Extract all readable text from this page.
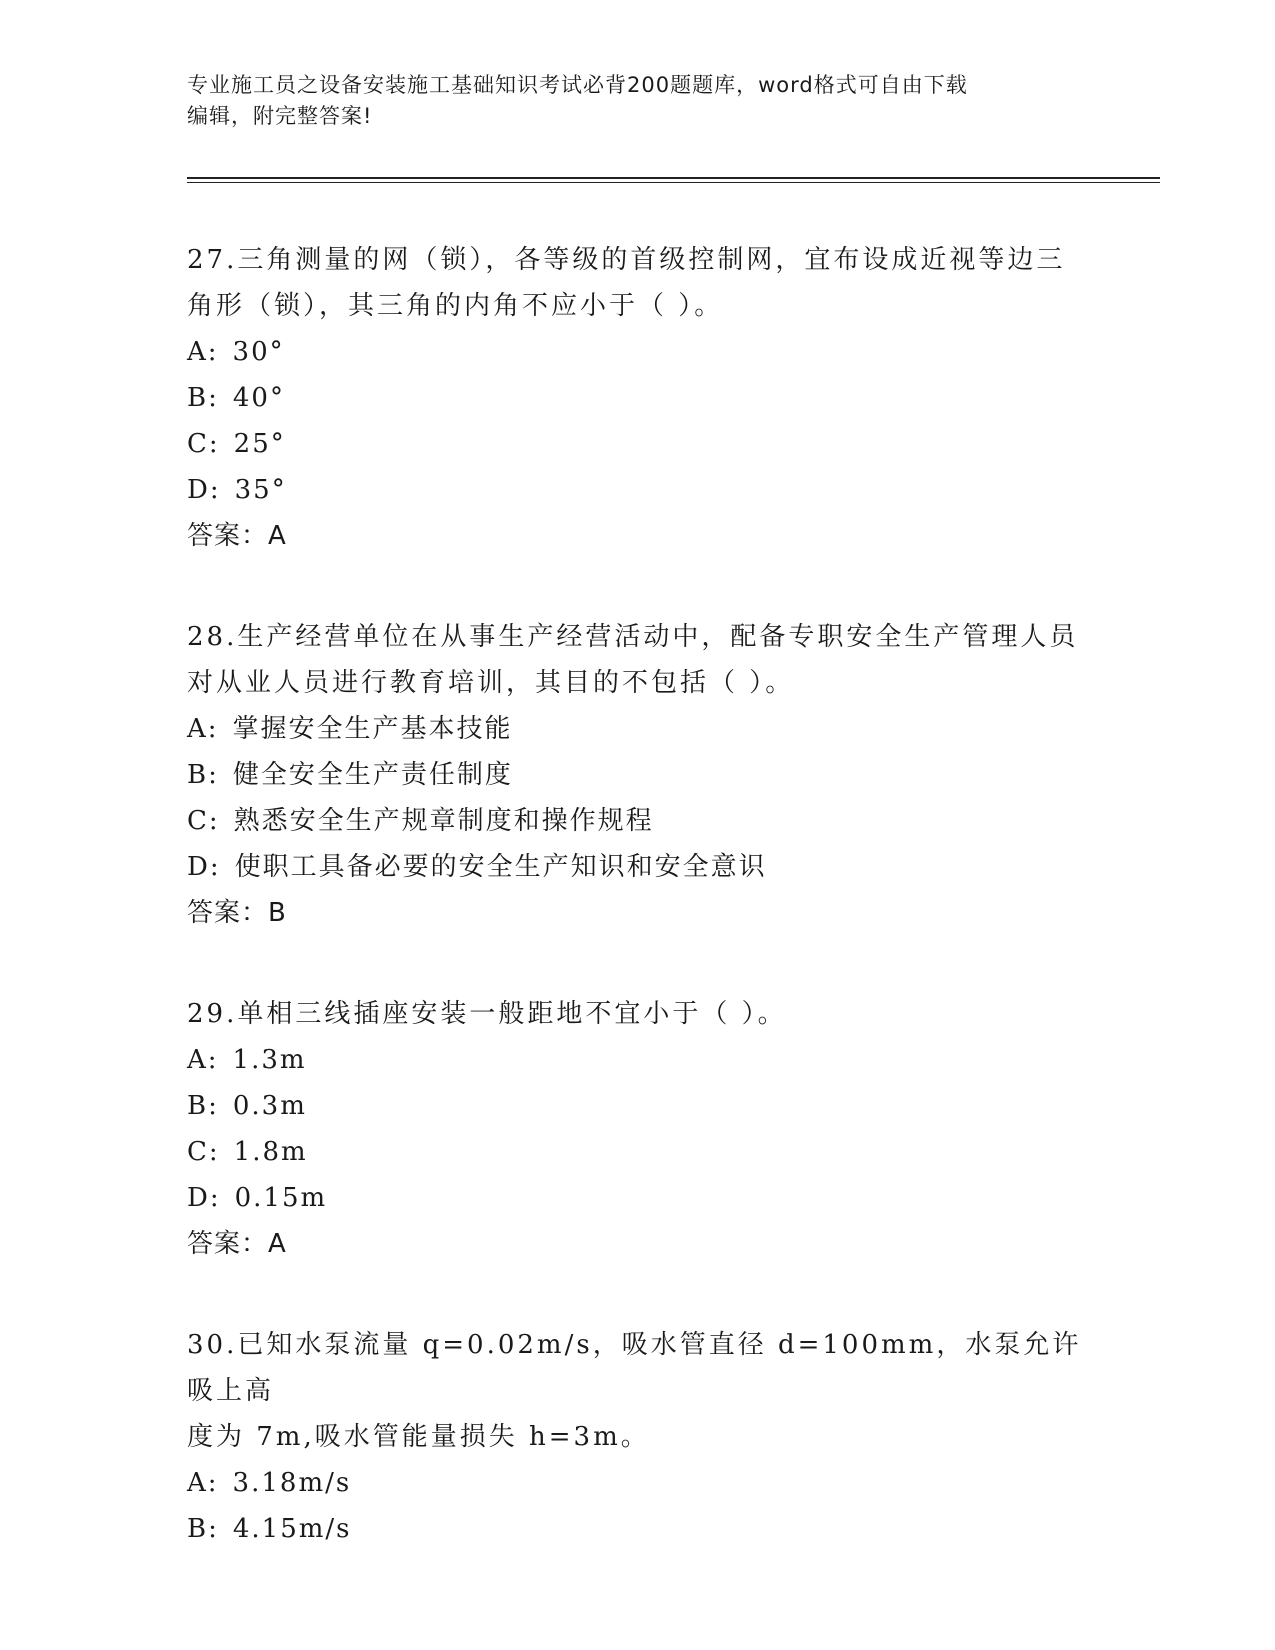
专业施工员之设备安装施工基础知识考试必背200题题库，word格式可自由下载
编辑，附完整答案!
27.三角测量的网（锁），各等级的首级控制网，宜布设成近视等边三
角形（锁），其三角的内角不应小于（ ）。
A: 30°
B: 40°
C: 25°
D: 35°
答案：A
28.生产经营单位在从事生产经营活动中，配备专职安全生产管理人员
对从业人员进行教育培训，其目的不包括（ ）。
A: 掌握安全生产基本技能
B: 健全安全生产责任制度
C: 熟悉安全生产规章制度和操作规程
D: 使职工具备必要的安全生产知识和安全意识
答案：B
29.单相三线插座安装一般距地不宜小于（ ）。
A: 1.3m
B: 0.3m
C: 1.8m
D: 0.15m
答案：A
30.已知水泵流量 q=0.02m/s，吸水管直径 d=100mm，水泵允许吸上高
度为 7m,吸水管能量损失 h=3m。
A: 3.18m/s
B: 4.15m/s
